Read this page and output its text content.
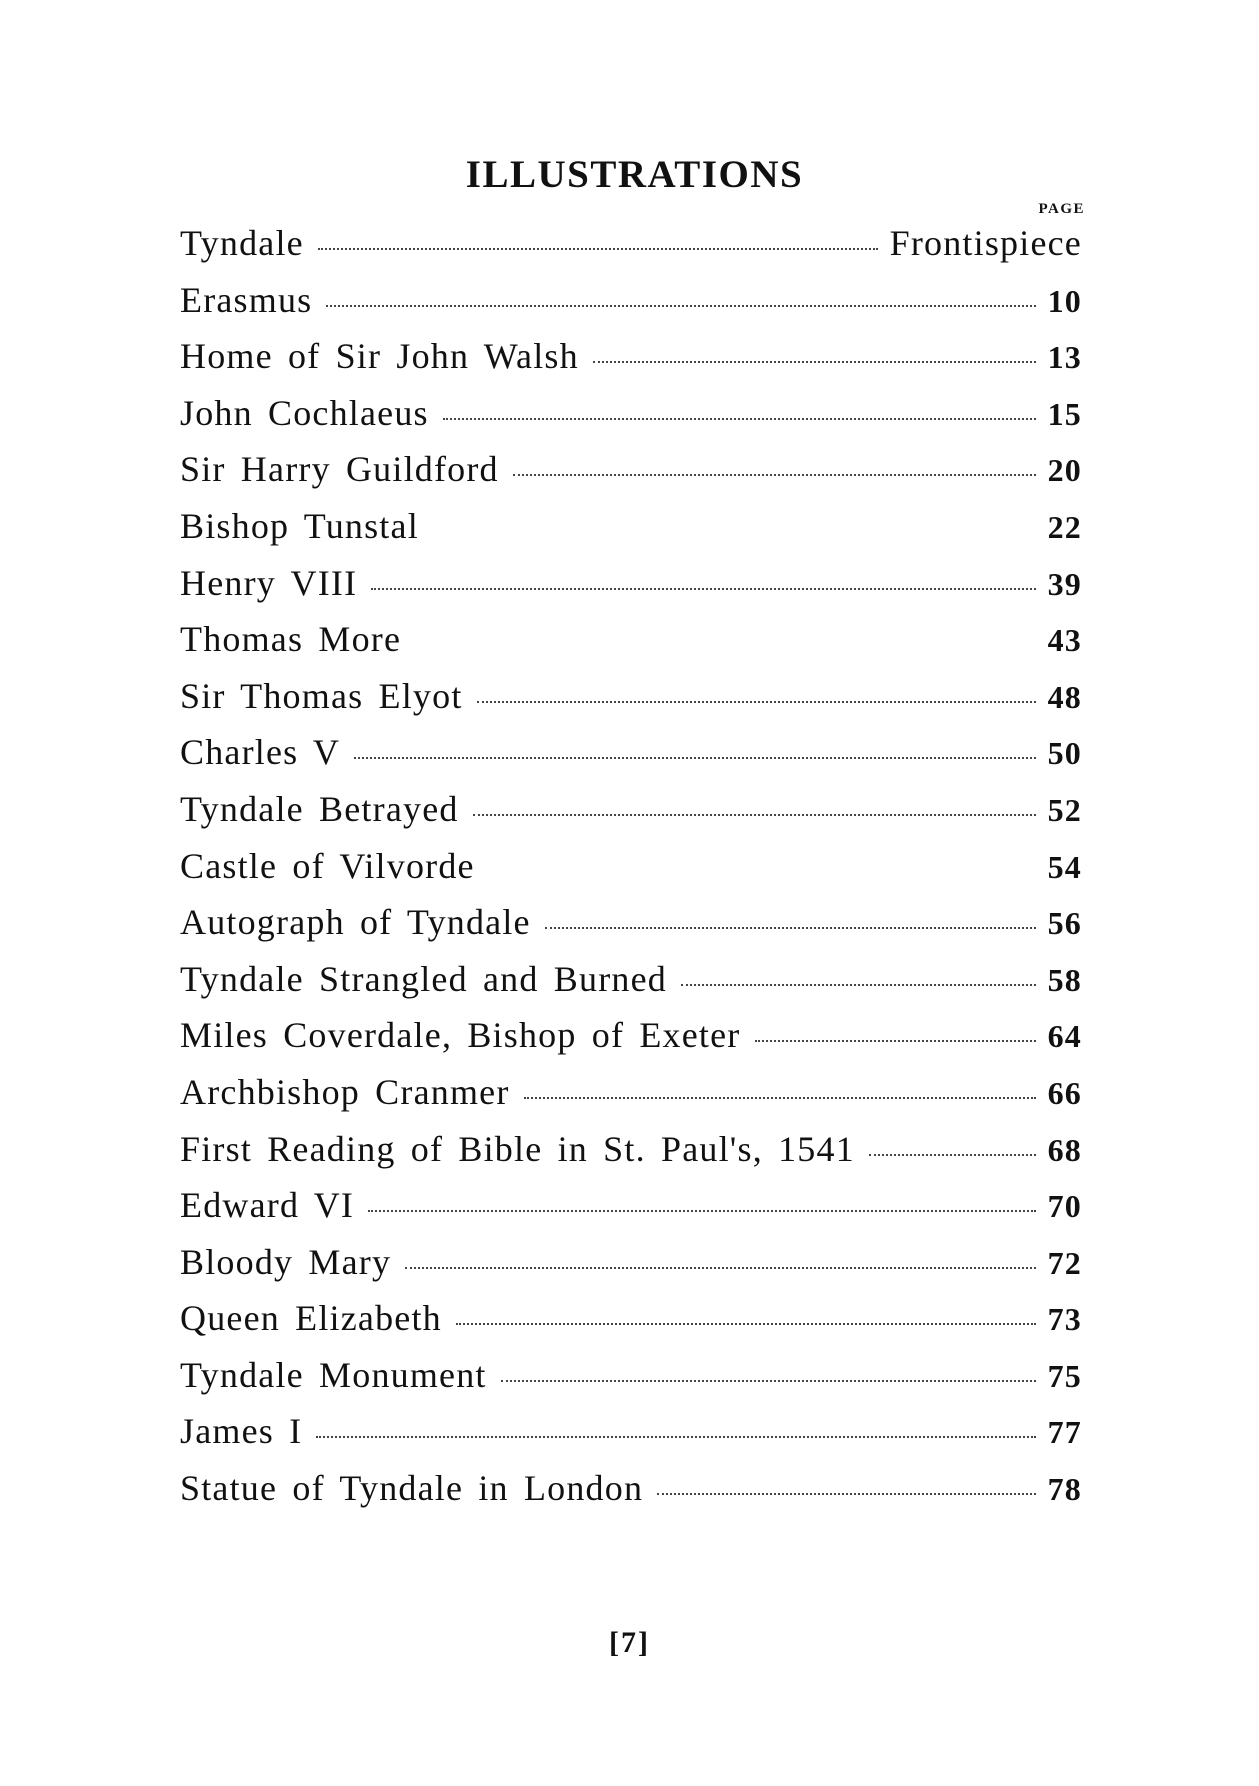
ILLUSTRATIONS
PAGE
Tyndale	Frontispiece
Erasmus	10
Home of Sir John Walsh	13
John Cochlaeus	15
Sir Harry Guildford	20
Bishop Tunstal	22
Henry VIII	39
Thomas More	43
Sir Thomas Elyot	48
Charles V	50
Tyndale Betrayed	52
Castle of Vilvorde	54
Autograph of Tyndale	56
Tyndale Strangled and Burned	58
Miles Coverdale, Bishop of Exeter	64
Archbishop Cranmer	66
First Reading of Bible in St. Paul's, 1541	68
Edward VI	70
Bloody Mary	72
Queen Elizabeth	73
Tyndale Monument	75
James I	77
Statue of Tyndale in London	78
[7]
